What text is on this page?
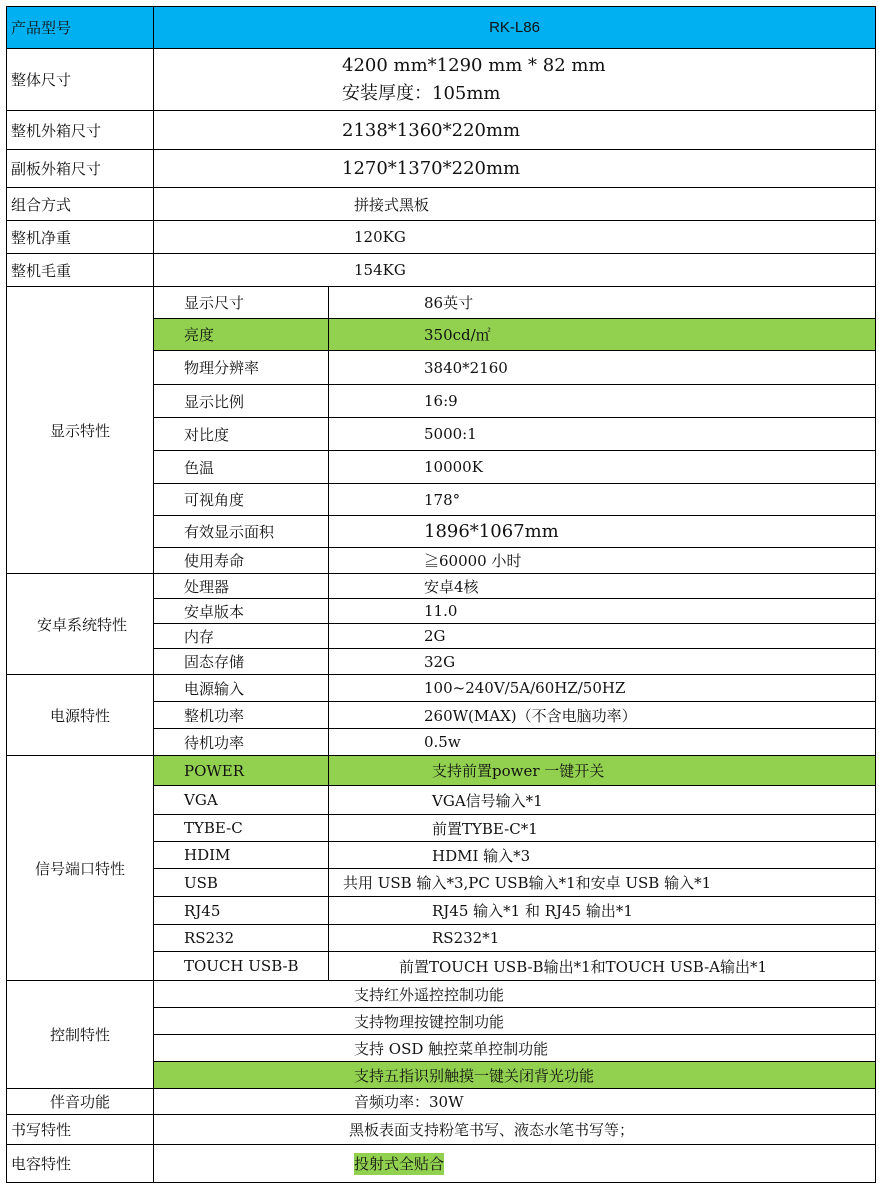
产品型号	RK-L86	
整体尺寸	4200 mm*1290 mm * 82 mm
安装厚度：105mm	

整机外箱尺寸	2138*1360*220mm	
副板外箱尺寸	1270*1370*220mm	
组合方式	拼接式黑板	
整机净重	120KG	
整机毛重	154KG	
显示特性	显示尺寸	86英寸
	亮度	350cd/㎡
	物理分辨率	3840*2160
	显示比例	16:9
	对比度	5000:1
	色温	10000K
	可视角度	178°
	有效显示面积	1896*1067mm
	使用寿命	≧60000 小时
安卓系统特性	处理器	安卓4核
	安卓版本	11.0
	内存	2G
	固态存储	32G
电源特性	电源输入	100~240V/5A/60HZ/50HZ
	整机功率	260W(MAX)（不含电脑功率）
	待机功率	0.5w
信号端口特性	POWER	支持前置power 一键开关
	VGA	VGA信号输入*1
	TYBE-C	前置TYBE-C*1
	HDIM	HDMI 输入*3
	USB	共用 USB 输入*3,PC USB输入*1和安卓 USB 输入*1
	RJ45	RJ45 输入*1 和 RJ45 输出*1
	RS232	RS232*1
	TOUCH USB-B	前置TOUCH USB-B输出*1和TOUCH USB-A输出*1
控制特性	支持红外遥控控制功能	
	支持物理按键控制功能	
	支持 OSD 触控菜单控制功能	
	支持五指识别触摸一键关闭背光功能	
伴音功能	音频功率：30W	
书写特性	黑板表面支持粉笔书写、液态水笔书写等；	
电容特性	投射式全贴合	
